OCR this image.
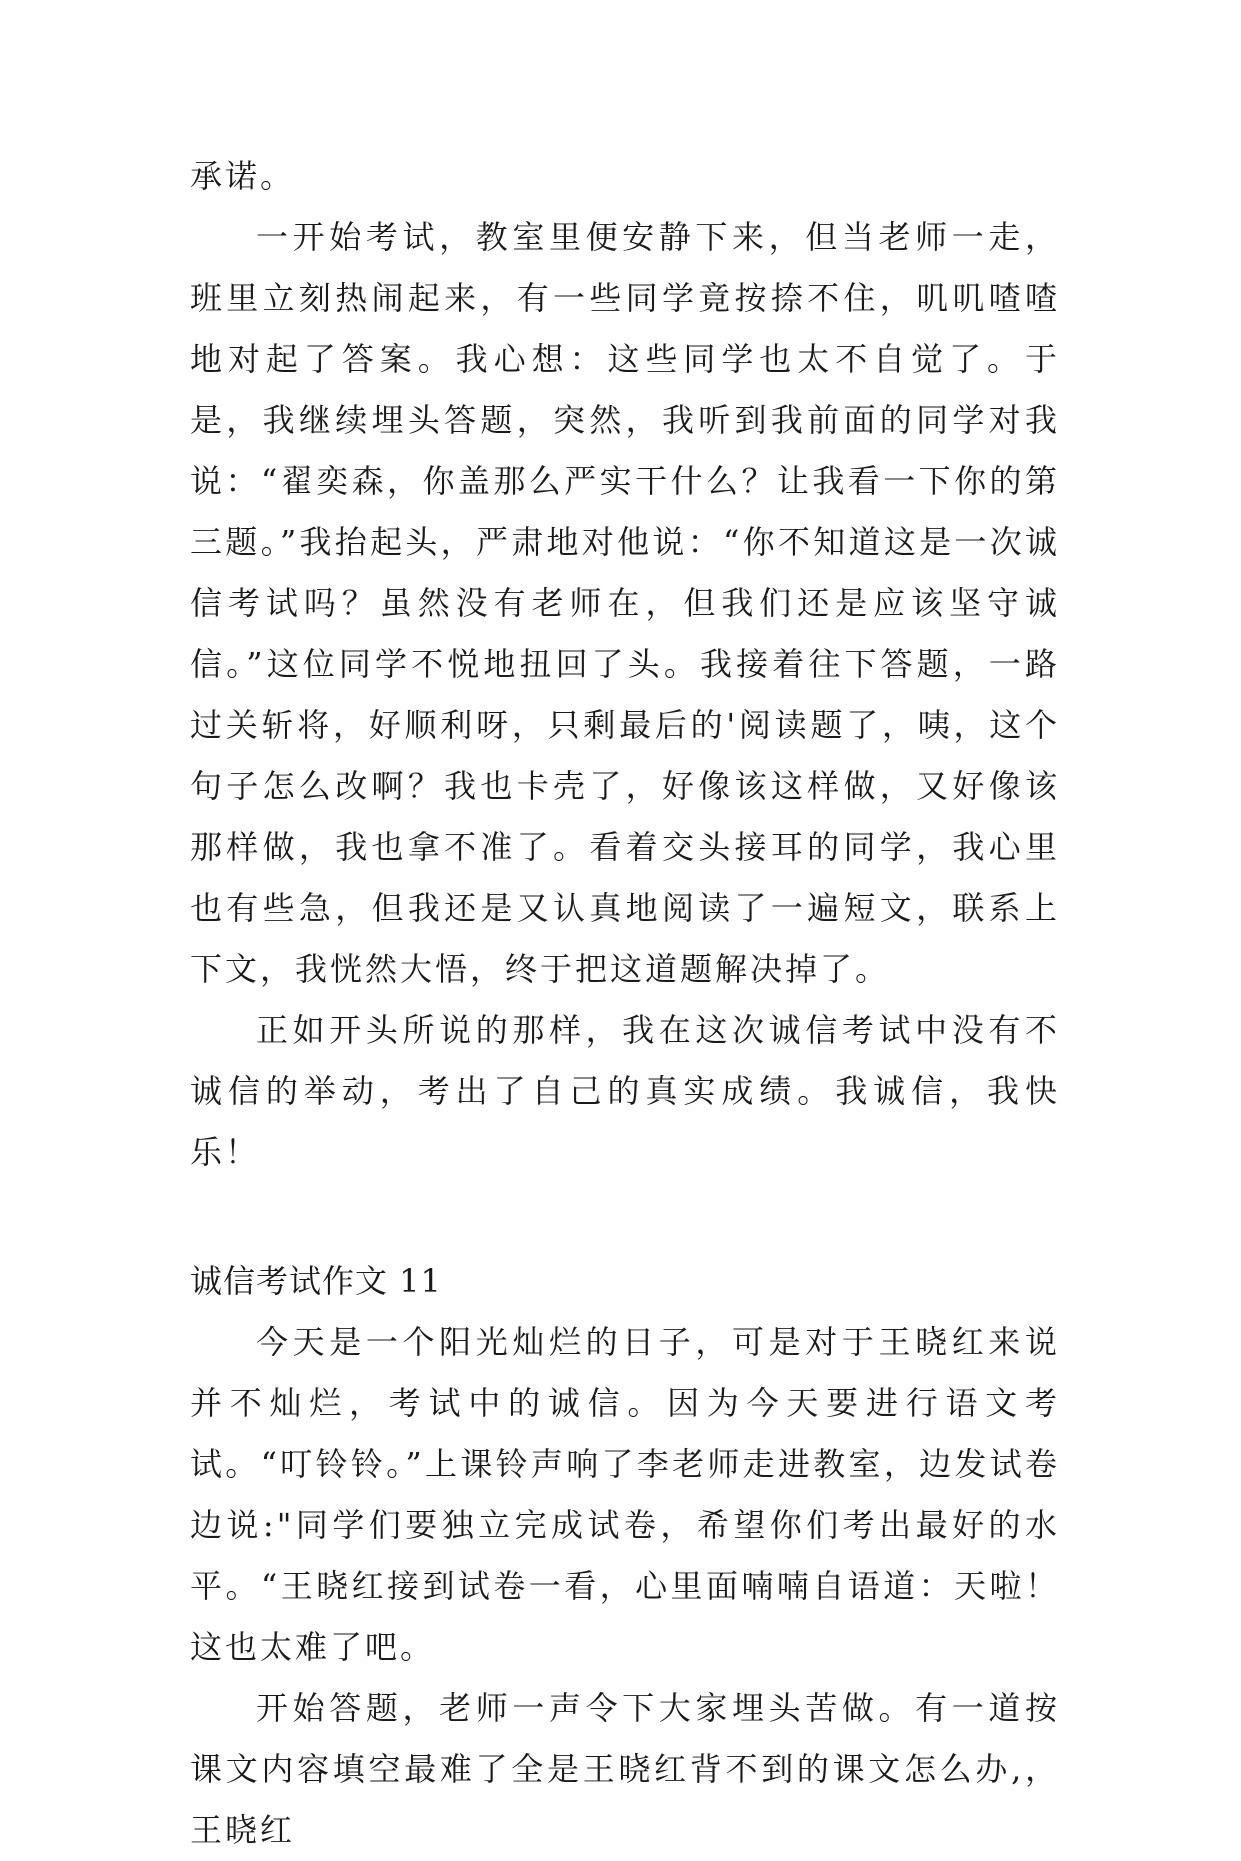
承诺。

一开始考试，教室里便安静下来，但当老师一走，班里立刻热闹起来，有一些同学竟按捺不住，叽叽喳喳地对起了答案。我心想：这些同学也太不自觉了。于是，我继续埋头答题，突然，我听到我前面的同学对我说：“翟奕森，你盖那么严实干什么？让我看一下你的第三题。”我抬起头，严肃地对他说：“你不知道这是一次诚信考试吗？虽然没有老师在，但我们还是应该坚守诚信。”这位同学不悦地扭回了头。我接着往下答题，一路过关斩将，好顺利呀，只剩最后的'阅读题了，咦，这个句子怎么改啊？我也卡壳了，好像该这样做，又好像该那样做，我也拿不准了。看着交头接耳的同学，我心里也有些急，但我还是又认真地阅读了一遍短文，联系上下文，我恍然大悟，终于把这道题解决掉了。

正如开头所说的那样，我在这次诚信考试中没有不诚信的举动，考出了自己的真实成绩。我诚信，我快乐！

诚信考试作文 11

今天是一个阳光灿烂的日子，可是对于王晓红来说并不灿烂，考试中的诚信。因为今天要进行语文考试。“叮铃铃。”上课铃声响了李老师走进教室，边发试卷边说:"同学们要独立完成试卷，希望你们考出最好的水平。“王晓红接到试卷一看，心里面喃喃自语道：天啦！这也太难了吧。

开始答题，老师一声令下大家埋头苦做。有一道按课文内容填空最难了全是王晓红背不到的课文怎么办,，王晓红
